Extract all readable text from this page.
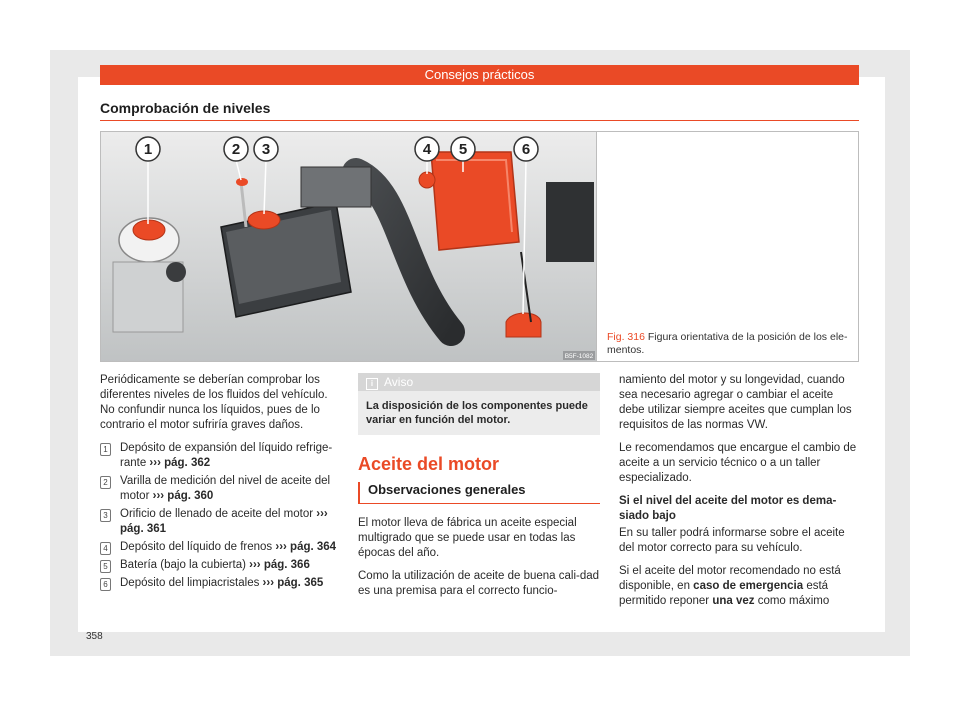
Consejos prácticos
Comprobación de niveles
1	2 3	4 5	6
B5F-1082
Fig. 316 Figura orientativa de la posición de los ele-mentos.

Periódicamente se deberían comprobar los diferentes niveles de los fluidos del vehículo. No confundir nunca los líquidos, pues de lo contrario el motor sufriría graves daños.

1 Depósito de expansión del líquido refrige-rante ››› pág. 362
2 Varilla de medición del nivel de aceite del motor ››› pág. 360
3 Orificio de llenado de aceite del motor ››› pág. 361
4 Depósito del líquido de frenos ››› pág. 364
5 Batería (bajo la cubierta) ››› pág. 366
6 Depósito del limpiacristales ››› pág. 365
i Aviso
La disposición de los componentes puede variar en función del motor.
Aceite del motor
Observaciones generales

El motor lleva de fábrica un aceite especial multigrado que se puede usar en todas las épocas del año.

Como la utilización de aceite de buena cali-dad es una premisa para el correcto funcio-

namiento del motor y su longevidad, cuando sea necesario agregar o cambiar el aceite debe utilizar siempre aceites que cumplan los requisitos de las normas VW.

Le recomendamos que encargue el cambio de aceite a un servicio técnico o a un taller especializado.

Si el nivel del aceite del motor es dema-siado bajo

En su taller podrá informarse sobre el aceite del motor correcto para su vehículo.

Si el aceite del motor recomendado no está disponible, en caso de emergencia está permitido reponer una vez como máximo

358
